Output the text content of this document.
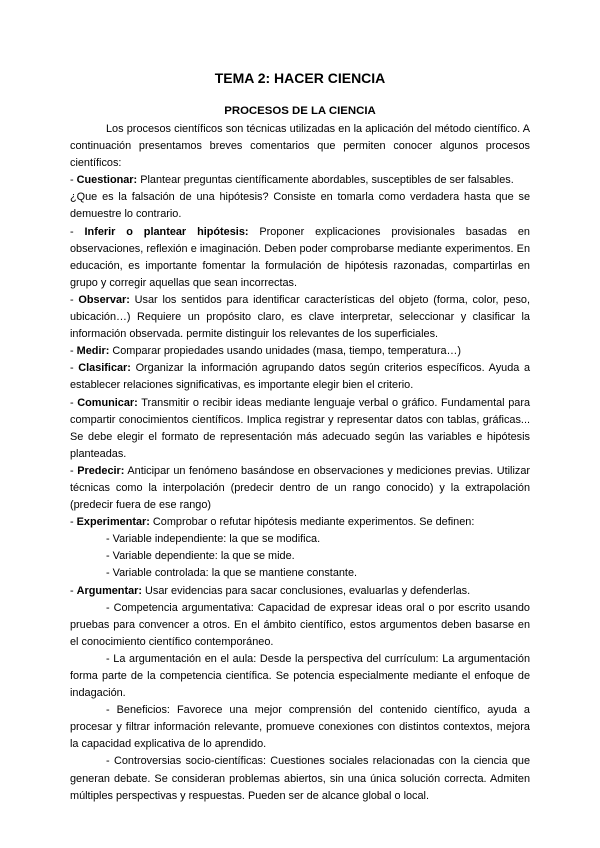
TEMA 2: HACER CIENCIA
PROCESOS DE LA CIENCIA

Los procesos científicos son técnicas utilizadas en la aplicación del método científico. A continuación presentamos breves comentarios que permiten conocer algunos procesos científicos:

- Cuestionar: Plantear preguntas científicamente abordables, susceptibles de ser falsables.

¿Que es la falsación de una hipótesis? Consiste en tomarla como verdadera hasta que se demuestre lo contrario.

- Inferir o plantear hipótesis: Proponer explicaciones provisionales basadas en observaciones, reflexión e imaginación. Deben poder comprobarse mediante experimentos. En educación, es importante fomentar la formulación de hipótesis razonadas, compartirlas en grupo y corregir aquellas que sean incorrectas.

- Observar: Usar los sentidos para identificar características del objeto (forma, color, peso, ubicación…) Requiere un propósito claro, es clave interpretar, seleccionar y clasificar la información observada. permite distinguir los relevantes de los superficiales.

- Medir: Comparar propiedades usando unidades (masa, tiempo, temperatura…)

- Clasificar: Organizar la información agrupando datos según criterios específicos. Ayuda a establecer relaciones significativas, es importante elegir bien el criterio.

- Comunicar: Transmitir o recibir ideas mediante lenguaje verbal o gráfico. Fundamental para compartir conocimientos científicos. Implica registrar y representar datos con tablas, gráficas... Se debe elegir el formato de representación más adecuado según las variables e hipótesis planteadas.

- Predecir: Anticipar un fenómeno basándose en observaciones y mediciones previas. Utilizar técnicas como la interpolación (predecir dentro de un rango conocido) y la extrapolación (predecir fuera de ese rango)

- Experimentar: Comprobar o refutar hipótesis mediante experimentos. Se definen:

- Variable independiente: la que se modifica.

- Variable dependiente: la que se mide.

- Variable controlada: la que se mantiene constante.

- Argumentar: Usar evidencias para sacar conclusiones, evaluarlas y defenderlas.

- Competencia argumentativa: Capacidad de expresar ideas oral o por escrito usando pruebas para convencer a otros. En el ámbito científico, estos argumentos deben basarse en el conocimiento científico contemporáneo.

- La argumentación en el aula: Desde la perspectiva del currículum: La argumentación forma parte de la competencia científica. Se potencia especialmente mediante el enfoque de indagación.

- Beneficios: Favorece una mejor comprensión del contenido científico, ayuda a procesar y filtrar información relevante, promueve conexiones con distintos contextos, mejora la capacidad explicativa de lo aprendido.

- Controversias socio-científicas: Cuestiones sociales relacionadas con la ciencia que generan debate. Se consideran problemas abiertos, sin una única solución correcta. Admiten múltiples perspectivas y respuestas. Pueden ser de alcance global o local.
